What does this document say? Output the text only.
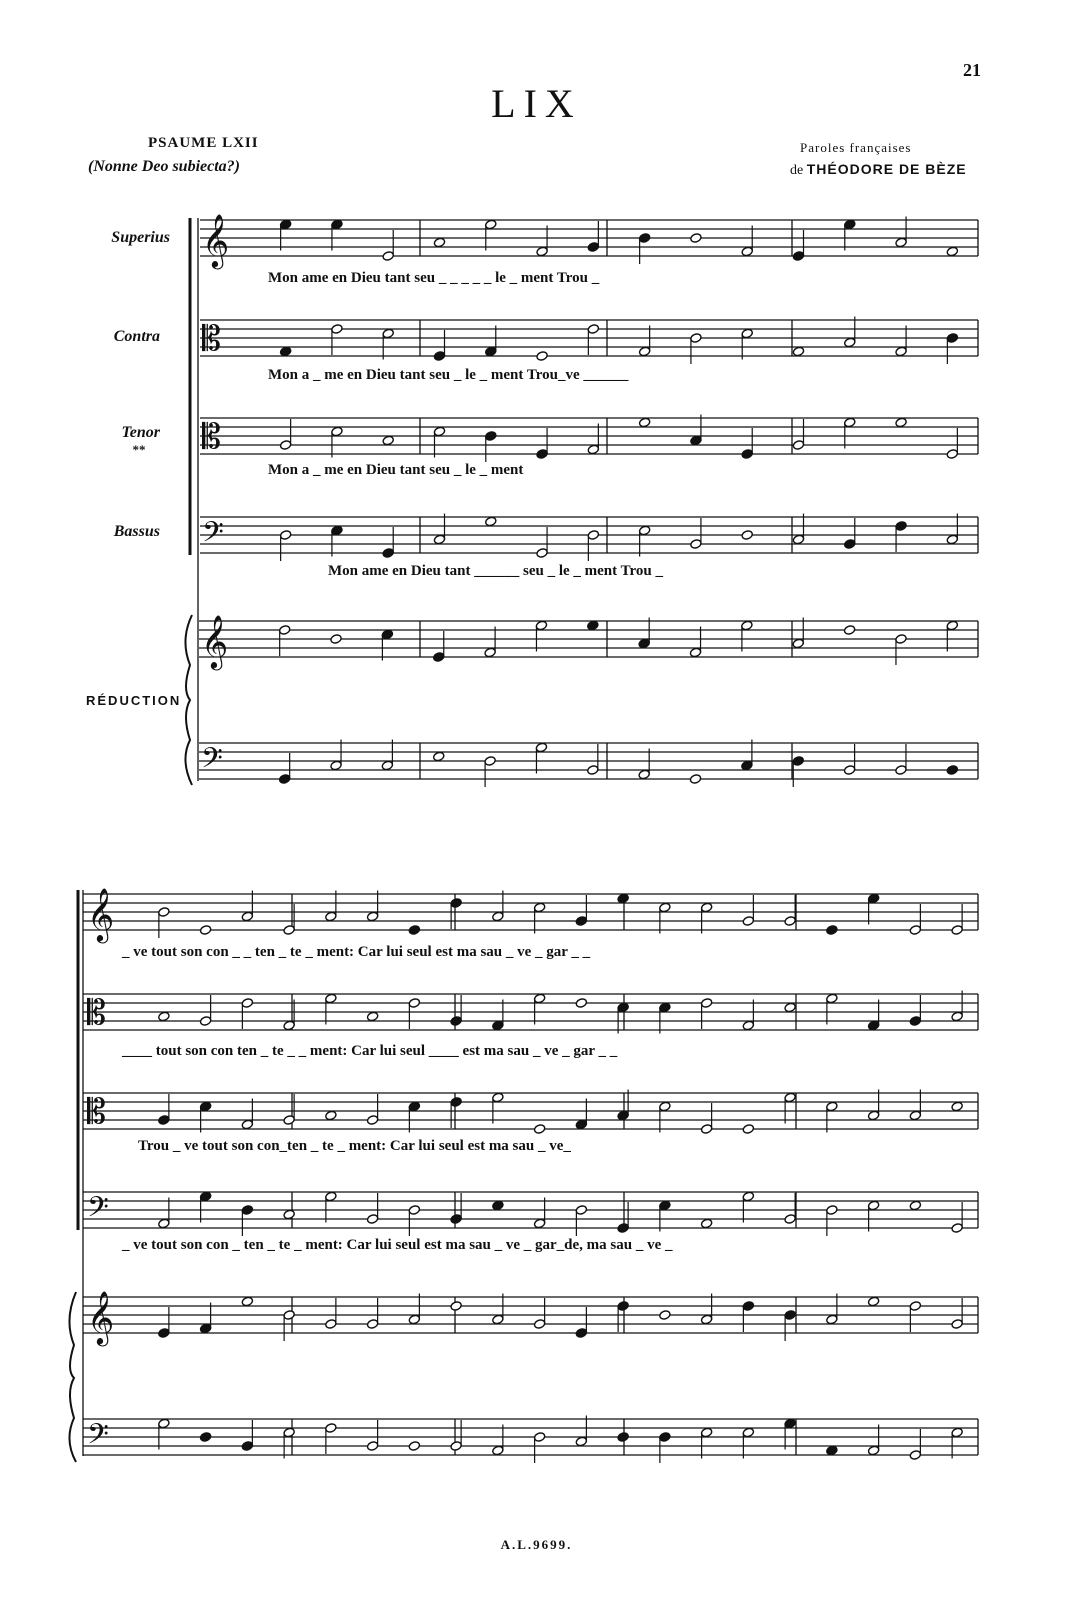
𝄞
𝄡
𝄡
𝄢
𝄞
𝄢
𝄞
𝄡
𝄡
𝄢
𝄞
𝄢
21
LIX
PSAUME LXII
(Nonne Deo subiecta?)
Paroles françaises
de THÉODORE DE BÈZE
Superius
Contra
Tenor
**
Bassus
RÉDUCTION
Mon ame en Dieu tant seu _ _ _ _ _ le _ ment Trou _
Mon a _ me en Dieu tant seu _ le _ ment Trou_ve ______
Mon a _ me en Dieu tant seu _ le _ ment
Mon ame en Dieu tant ______ seu _ le _ ment Trou _
_ ve tout son con _ _ ten _ te _ ment: Car lui seul est ma sau _ ve _ gar _ _
____ tout son con ten _ te _ _ ment: Car lui seul ____ est ma sau _ ve _ gar _ _
Trou _ ve tout son con_ten _ te _ ment: Car lui seul est ma sau _ ve_
_ ve tout son con _ ten _ te _ ment: Car lui seul est ma sau _ ve _ gar_de, ma sau _ ve _
A.L.9699.
